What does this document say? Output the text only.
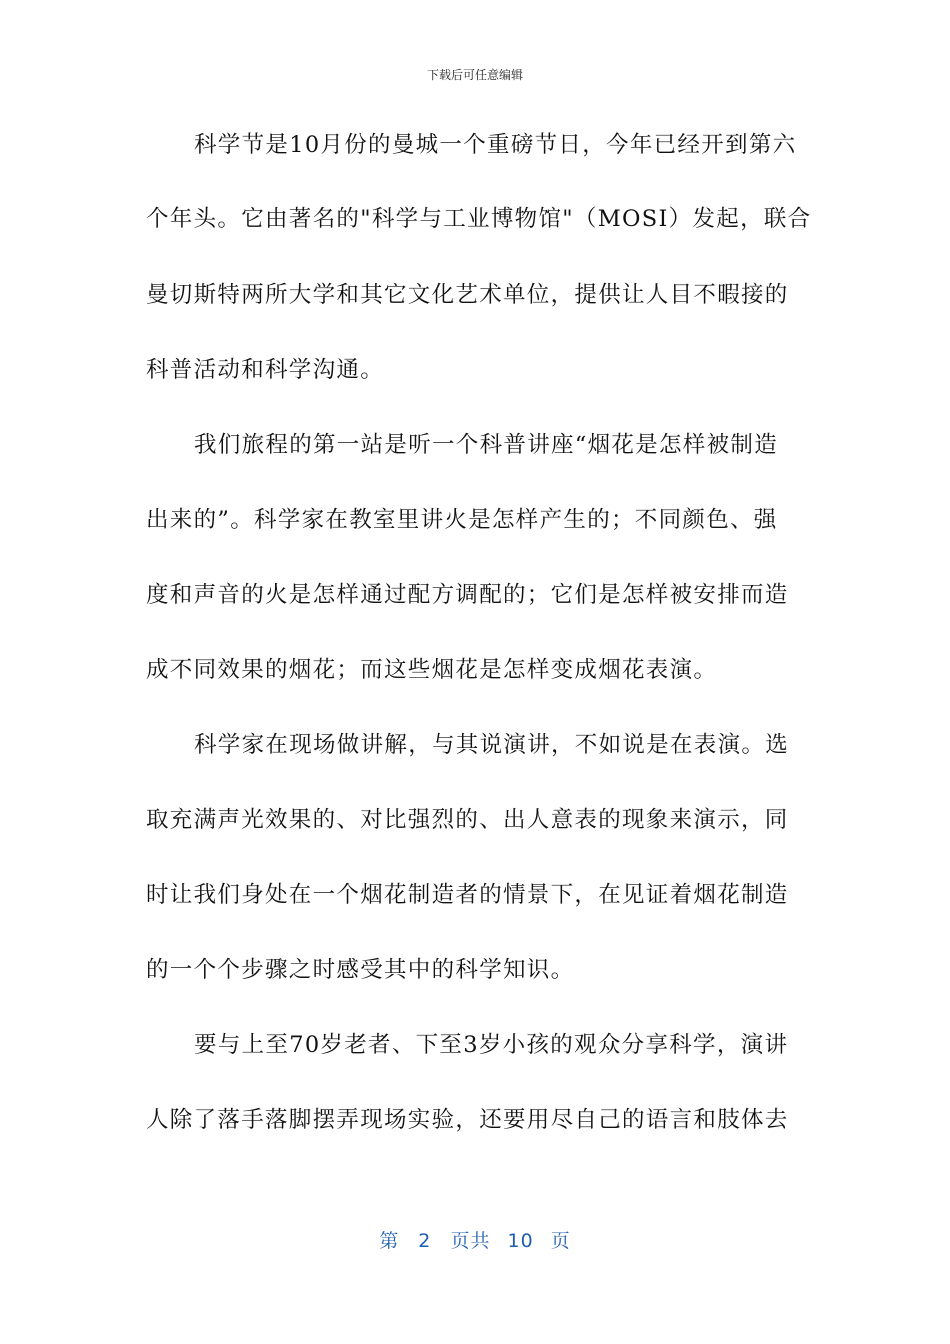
下载后可任意编辑
科学节是10月份的曼城一个重磅节日，今年已经开到第六
个年头。它由著名的"科学与工业博物馆"（MOSI）发起，联合
曼切斯特两所大学和其它文化艺术单位，提供让人目不暇接的
科普活动和科学沟通。
我们旅程的第一站是听一个科普讲座“烟花是怎样被制造
出来的”。科学家在教室里讲火是怎样产生的；不同颜色、强
度和声音的火是怎样通过配方调配的；它们是怎样被安排而造
成不同效果的烟花；而这些烟花是怎样变成烟花表演。
科学家在现场做讲解，与其说演讲，不如说是在表演。选
取充满声光效果的、对比强烈的、出人意表的现象来演示，同
时让我们身处在一个烟花制造者的情景下，在见证着烟花制造
的一个个步骤之时感受其中的科学知识。
要与上至70岁老者、下至3岁小孩的观众分享科学，演讲
人除了落手落脚摆弄现场实验，还要用尽自己的语言和肢体去
第 2 页共 10 页
